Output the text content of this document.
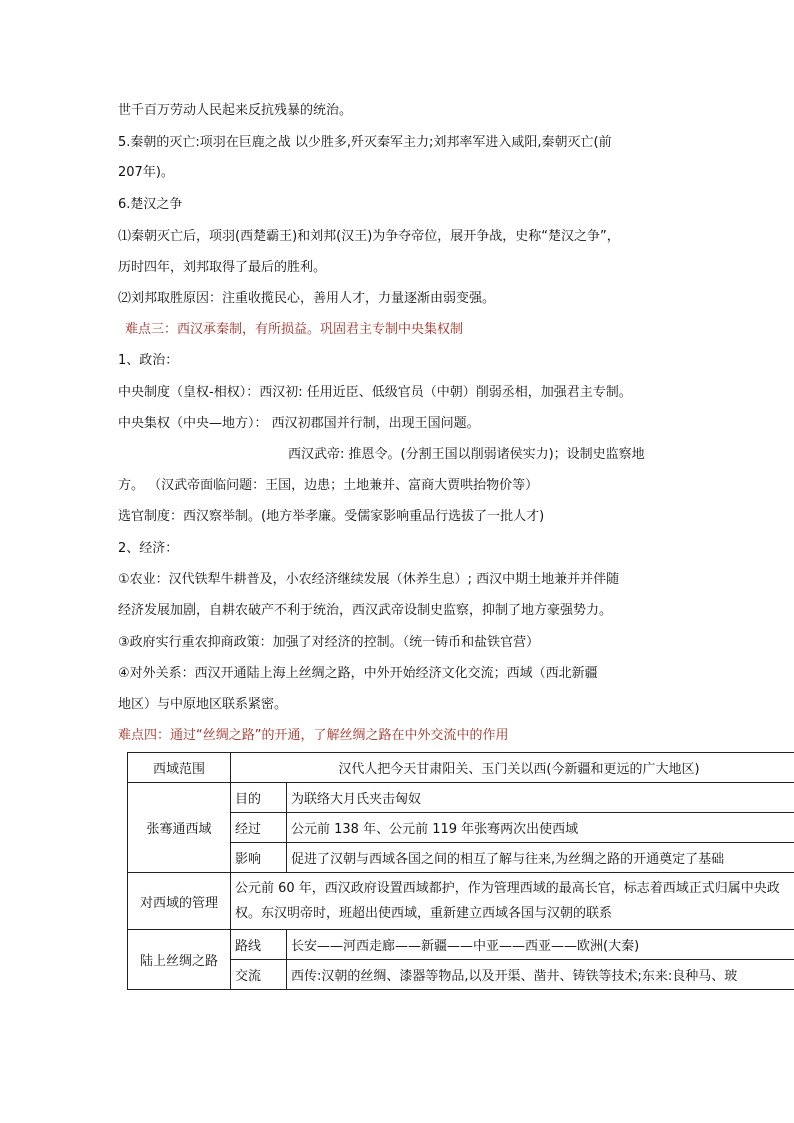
世千百万劳动人民起来反抗残暴的统治。
5.秦朝的灭亡:项羽在巨鹿之战 以少胜多,歼灭秦军主力;刘邦率军进入咸阳,秦朝灭亡(前
207年)。
6.楚汉之争
⑴秦朝灭亡后，项羽(西楚霸王)和刘邦(汉王)为争夺帝位，展开争战，史称“楚汉之争”，
历时四年，刘邦取得了最后的胜利。
⑵刘邦取胜原因：注重收揽民心，善用人才，力量逐渐由弱变强。
难点三：西汉承秦制，有所损益。巩固君主专制中央集权制
1、政治：
中央制度（皇权-相权）：西汉初: 任用近臣、低级官员（中朝）削弱丞相，加强君主专制。
中央集权（中央—地方）： 西汉初郡国并行制，出现王国问题。
西汉武帝: 推恩令。(分割王国以削弱诸侯实力)；设制史监察地
方。 （汉武帝面临问题：王国，边患；土地兼并、富商大贾哄抬物价等）
选官制度：西汉察举制。(地方举孝廉。受儒家影响重品行选拔了一批人才)
2、经济：
①农业：汉代铁犁牛耕普及，小农经济继续发展（休养生息）; 西汉中期土地兼并并伴随
经济发展加剧，自耕农破产不利于统治，西汉武帝设制史监察，抑制了地方豪强势力。
③政府实行重农抑商政策：加强了对经济的控制。（统一铸币和盐铁官营）
④对外关系：西汉开通陆上海上丝绸之路，中外开始经济文化交流；西域（西北新疆
地区）与中原地区联系紧密。
难点四：通过“丝绸之路”的开通，了解丝绸之路在中外交流中的作用
西域范围	汉代人把今天甘肃阳关、玉门关以西(今新疆和更远的广大地区)	
张骞通西域	目的	为联络大月氏夹击匈奴
	经过	公元前 138 年、公元前 119 年张骞两次出使西域
	影响	促进了汉朝与西域各国之间的相互了解与往来,为丝绸之路的开通奠定了基础
对西域的管理	公元前 60 年，西汉政府设置西域都护，作为管理西域的最高长官，标志着西域正式归属中央政权。东汉明帝时，班超出使西域，重新建立西域各国与汉朝的联系	
陆上丝绸之路	路线	长安——河西走廊——新疆——中亚——西亚——欧洲(大秦)
	交流	西传:汉朝的丝绸、漆器等物品,以及开渠、凿井、铸铁等技术;东来:良种马、玻
